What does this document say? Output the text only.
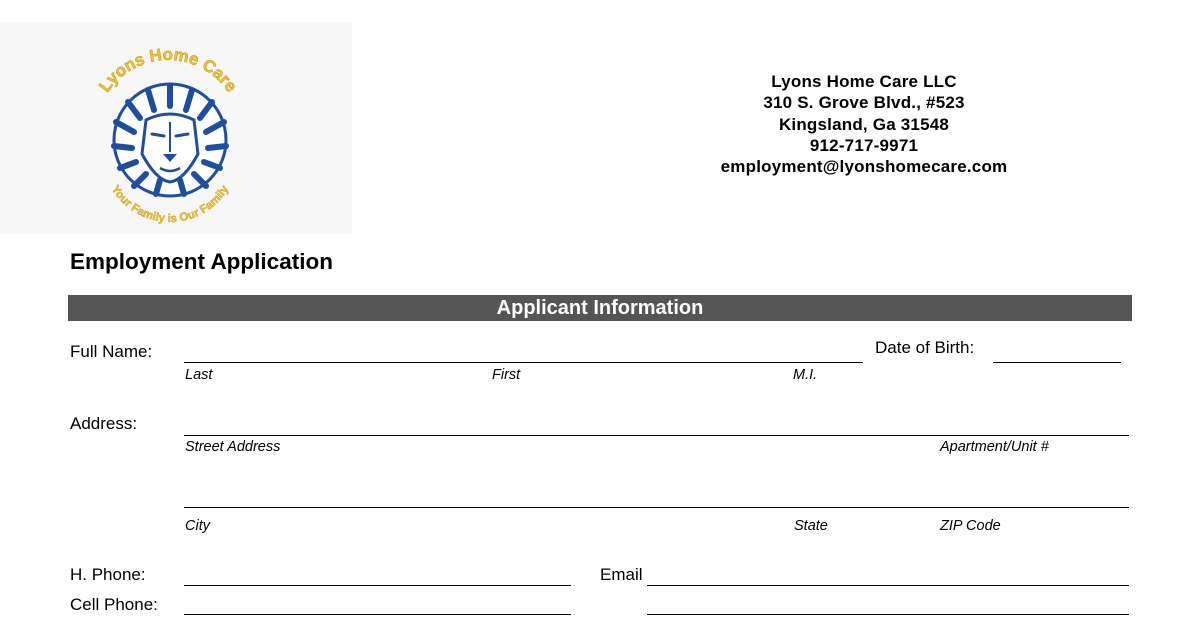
Lyons Home Care
Your Family is Our Family
Lyons Home Care LLC
310 S. Grove Blvd., #523
Kingsland, Ga 31548
912-717-9971
employment@lyonshomecare.com
Employment Application
Applicant Information
Full Name:
Last	First	M.I.
Date of Birth:
Address:
Street Address	Apartment/Unit #
City	State	ZIP Code
H. Phone:	Email
Cell Phone:
